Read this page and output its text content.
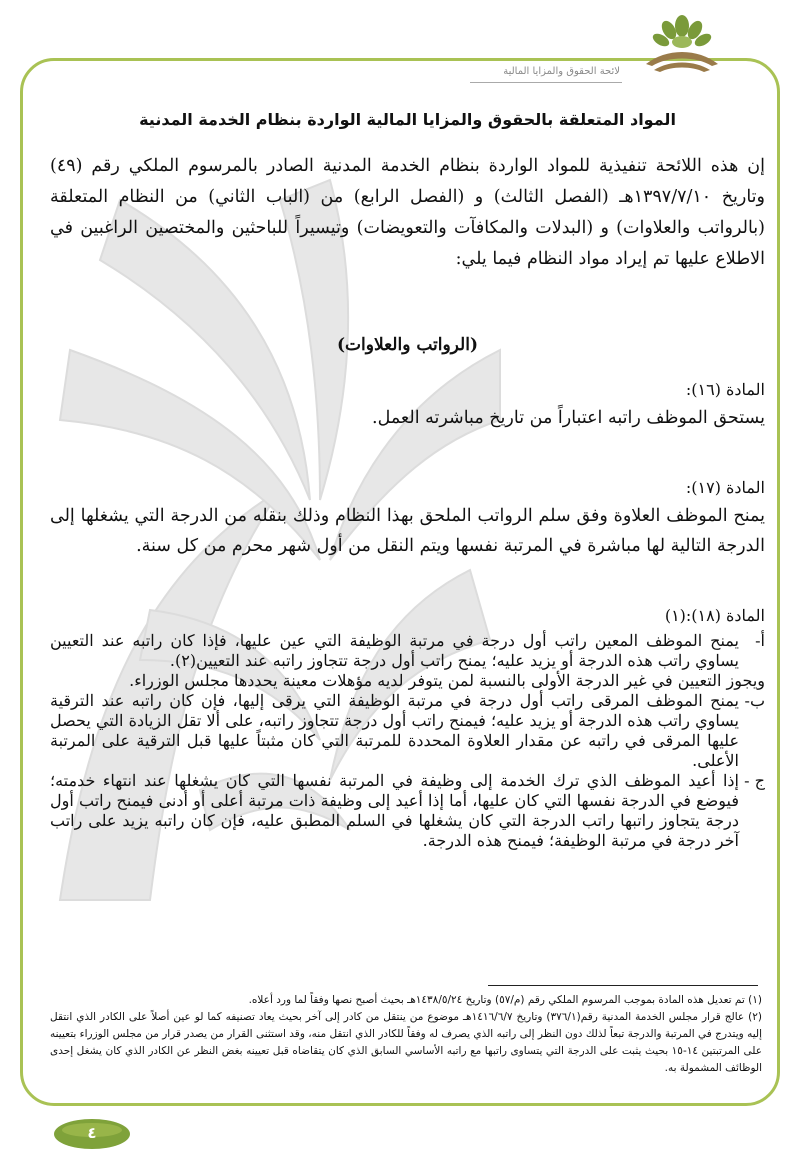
لائحة الحقوق والمزايا المالية
المواد المتعلقة بالحقوق والمزايا المالية الواردة بنظام الخدمة المدنية

إن هذه اللائحة تنفيذية للمواد الواردة بنظام الخدمة المدنية الصادر بالمرسوم الملكي رقم (٤٩) وتاريخ ١٣٩٧/٧/١٠هـ (الفصل الثالث) و (الفصل الرابع) من (الباب الثاني) من النظام المتعلقة (بالرواتب والعلاوات) و (البدلات والمكافآت والتعويضات) وتيسيراً للباحثين والمختصين الراغبين في الاطلاع عليها تم إيراد مواد النظام فيما يلي:

(الرواتب والعلاوات)

المادة (١٦):

يستحق الموظف راتبه اعتباراً من تاريخ مباشرته العمل.

المادة (١٧):

يمنح الموظف العلاوة وفق سلم الرواتب الملحق بهذا النظام وذلك بنقله من الدرجة التي يشغلها إلى الدرجة التالية لها مباشرة في المرتبة نفسها ويتم النقل من أول شهر محرم من كل سنة.

المادة (١٨):(١)

أ-
يمنح الموظف المعين راتب أول درجة في مرتبة الوظيفة التي عين عليها، فإذا كان راتبه عند التعيين يساوي راتب هذه الدرجة أو يزيد عليه؛ يمنح راتب أول درجة تتجاوز راتبه عند التعيين(٢).
ويجوز التعيين في غير الدرجة الأولى بالنسبة لمن يتوفر لديه مؤهلات معينة يحددها مجلس الوزراء.
ب-
يمنح الموظف المرقى راتب أول درجة في مرتبة الوظيفة التي يرقى إليها، فإن كان راتبه عند الترقية يساوي راتب هذه الدرجة أو يزيد عليه؛ فيمنح راتب أول درجة تتجاوز راتبه، على ألا تقل الزيادة التي يحصل عليها المرقى في راتبه عن مقدار العلاوة المحددة للمرتبة التي كان مثبتاً عليها قبل الترقية على المرتبة الأعلى.
ج -
إذا أعيد الموظف الذي ترك الخدمة إلى وظيفة في المرتبة نفسها التي كان يشغلها عند انتهاء خدمته؛ فيوضع في الدرجة نفسها التي كان عليها، أما إذا أعيد إلى وظيفة ذات مرتبة أعلى أو أدنى فيمنح راتب أول درجة يتجاوز راتبها راتب الدرجة التي كان يشغلها في السلم المطبق عليه، فإن كان راتبه يزيد على راتب آخر درجة في مرتبة الوظيفة؛ فيمنح هذه الدرجة.

(١) تم تعديل هذه المادة بموجب المرسوم الملكي رقم (م/٥٧) وتاريخ ١٤٣٨/٥/٢٤هـ بحيث أصبح نصها وفقاً لما ورد أعلاه.

(٢) عالج قرار مجلس الخدمة المدنية رقم(٣٧٦/١) وتاريخ ١٤١٦/٦/٧هـ موضوع من ينتقل من كادر إلى آخر بحيث يعاد تصنيفه كما لو عين أصلاً على الكادر الذي انتقل إليه ويتدرج في المرتبة والدرجة تبعاً لذلك دون النظر إلى راتبه الذي يصرف له وفقاً للكادر الذي انتقل منه، وقد استثنى القرار من يصدر قرار من مجلس الوزراء بتعيينه على المرتبتين ١٤-١٥ بحيث يثبت على الدرجة التي يتساوى راتبها مع راتبه الأساسي السابق الذي كان يتقاضاه قبل تعيينه بغض النظر عن الكادر الذي كان يشغل إحدى الوظائف المشمولة به.

٤
